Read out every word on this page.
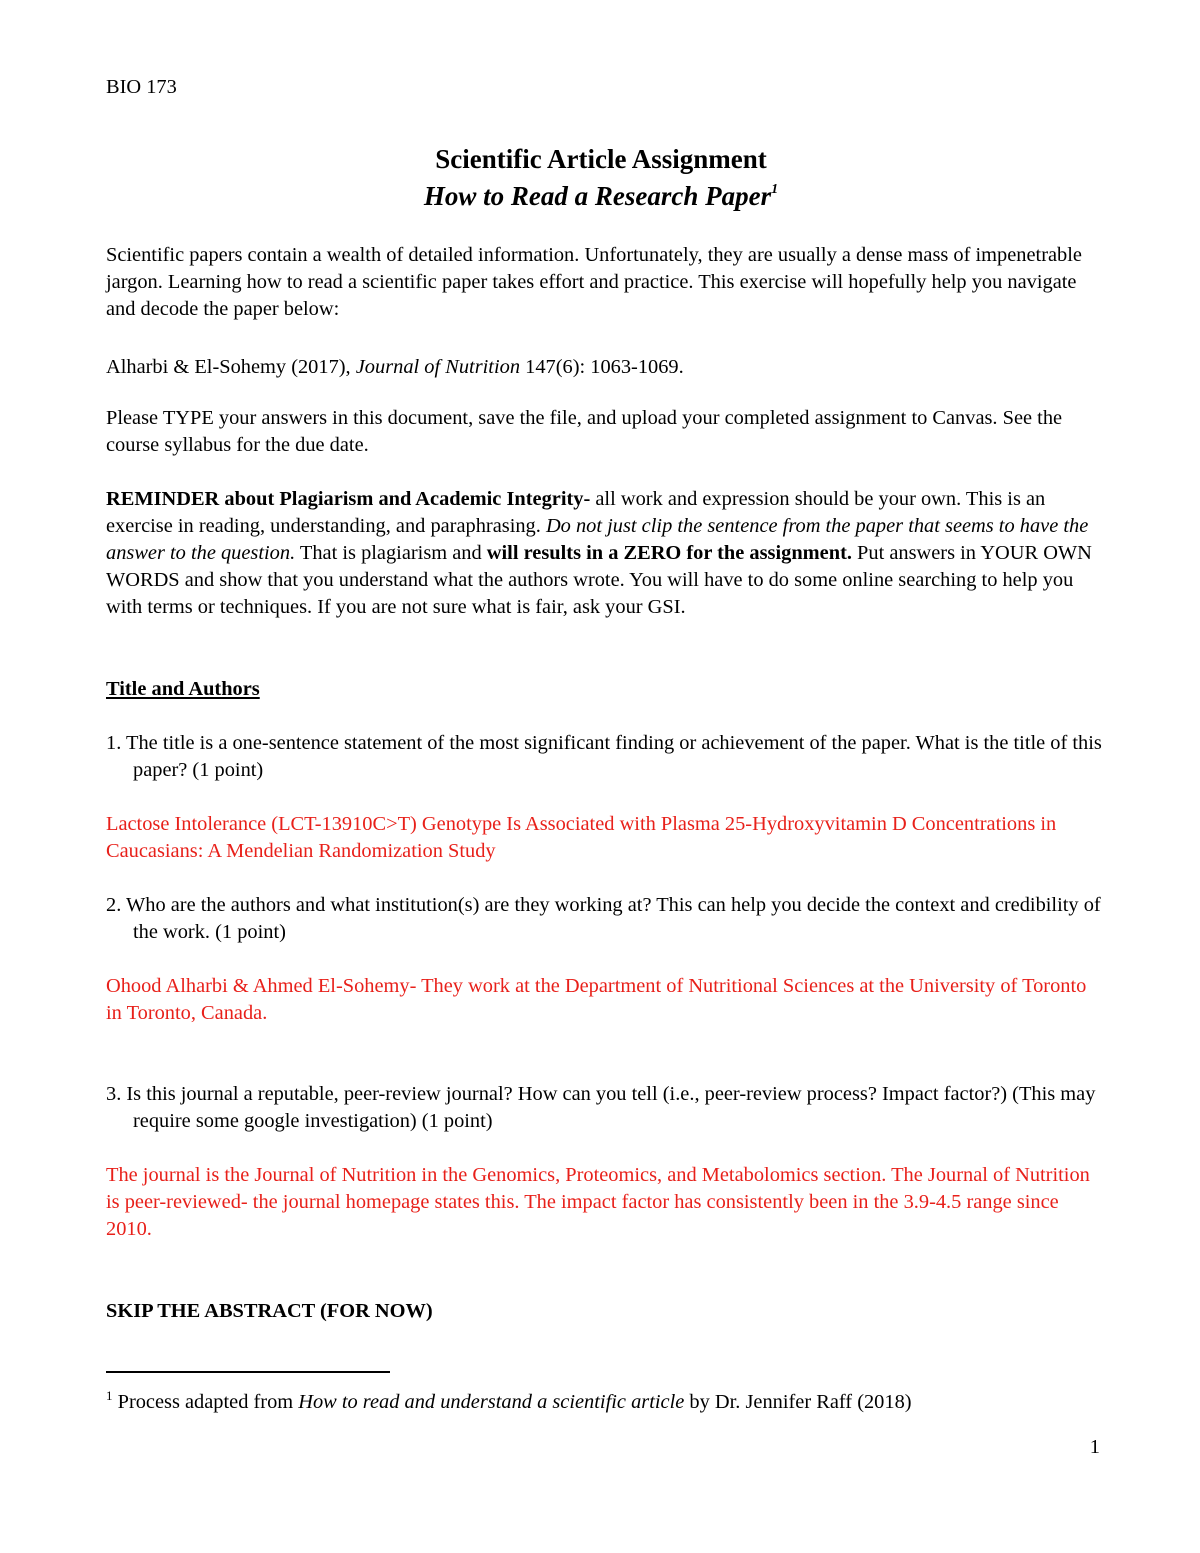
BIO 173

Scientific Article Assignment
How to Read a Research Paper$^1$

Scientific papers contain a wealth of detailed information. Unfortunately, they are usually a dense mass of impenetrable jargon. Learning how to read a scientific paper takes effort and practice. This exercise will hopefully help you navigate and decode the paper below:

Alharbi & El-Sohemy (2017), Journal of Nutrition 147(6): 1063-1069.

Please TYPE your answers in this document, save the file, and upload your completed assignment to Canvas. See the course syllabus for the due date.

REMINDER about Plagiarism and Academic Integrity- all work and expression should be your own. This is an exercise in reading, understanding, and paraphrasing. Do not just clip the sentence from the paper that seems to have the answer to the question. That is plagiarism and will results in a ZERO for the assignment. Put answers in YOUR OWN WORDS and show that you understand what the authors wrote. You will have to do some online searching to help you with terms or techniques. If you are not sure what is fair, ask your GSI.

Title and Authors

1. The title is a one-sentence statement of the most significant finding or achievement of the paper. What is the title of this paper? (1 point)

Lactose Intolerance (LCT-13910C>T) Genotype Is Associated with Plasma 25-Hydroxyvitamin D Concentrations in Caucasians: A Mendelian Randomization Study

2. Who are the authors and what institution(s) are they working at? This can help you decide the context and credibility of the work. (1 point)

Ohood Alharbi & Ahmed El-Sohemy- They work at the Department of Nutritional Sciences at the University of Toronto in Toronto, Canada.

3. Is this journal a reputable, peer-review journal? How can you tell (i.e., peer-review process? Impact factor?) (This may require some google investigation) (1 point)

The journal is the Journal of Nutrition in the Genomics, Proteomics, and Metabolomics section. The Journal of Nutrition is peer-reviewed- the journal homepage states this. The impact factor has consistently been in the 3.9-4.5 range since 2010.

SKIP THE ABSTRACT (FOR NOW)

$^1$ Process adapted from How to read and understand a scientific article by Dr. Jennifer Raff (2018)

1
